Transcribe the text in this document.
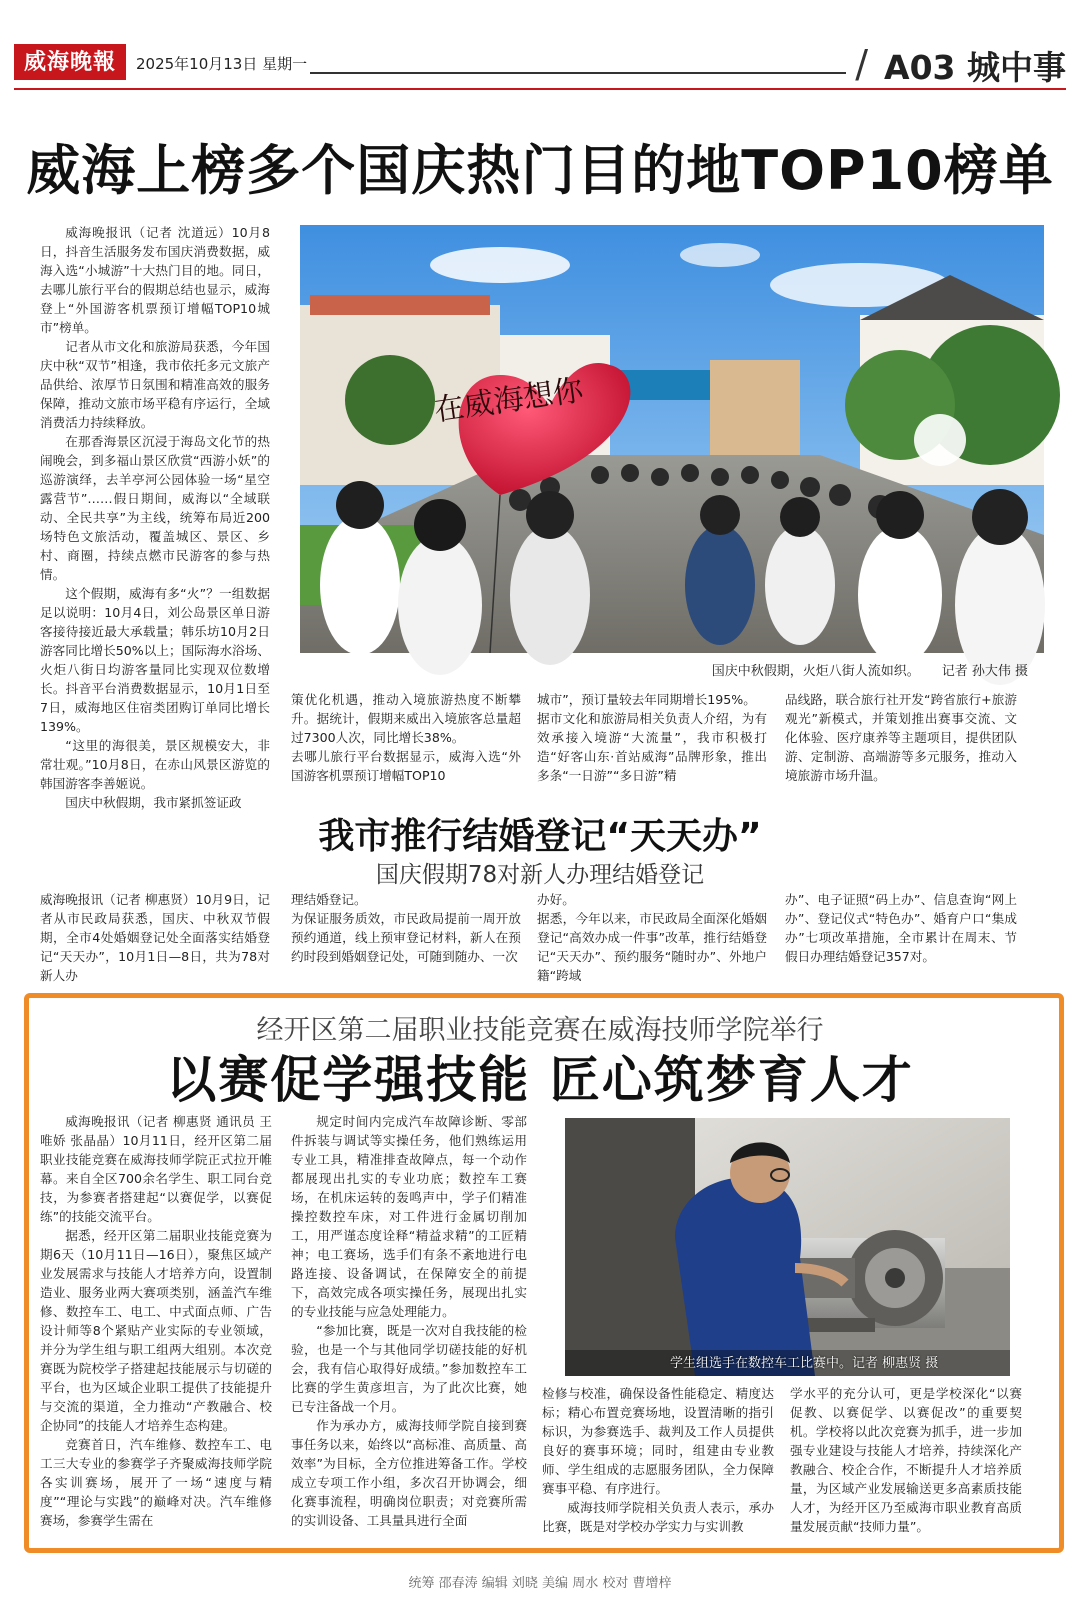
威海晚報	2025年10月13日 星期一	/ A03 城中事
威海上榜多个国庆热门目的地TOP10榜单

威海晚报讯（记者 沈道远）10月8日，抖音生活服务发布国庆消费数据，威海入选“小城游”十大热门目的地。同日，去哪儿旅行平台的假期总结也显示，威海登上“外国游客机票预订增幅TOP10城市”榜单。

记者从市文化和旅游局获悉，今年国庆中秋“双节”相逢，我市依托多元文旅产品供给、浓厚节日氛围和精准高效的服务保障，推动文旅市场平稳有序运行，全域消费活力持续释放。

在那香海景区沉浸于海岛文化节的热闹晚会，到多福山景区欣赏“西游小妖”的巡游演绎，去羊亭河公园体验一场“星空露营节”……假日期间，威海以“全域联动、全民共享”为主线，统筹布局近200场特色文旅活动，覆盖城区、景区、乡村、商圈，持续点燃市民游客的参与热情。

这个假期，威海有多“火”？一组数据足以说明：10月4日，刘公岛景区单日游客接待接近最大承载量；韩乐坊10月2日游客同比增长50%以上；国际海水浴场、火炬八街日均游客量同比实现双位数增长。抖音平台消费数据显示，10月1日至7日，威海地区住宿类团购订单同比增长139%。

“这里的海很美，景区规模安大，非常壮观。”10月8日，在赤山风景区游览的韩国游客李善姬说。

国庆中秋假期，我市紧抓签证政

在威海想你
国庆中秋假期，火炬八街人流如织。 记者 孙大伟 摄
策优化机遇，推动入境旅游热度不断攀升。据统计，假期来威出入境旅客总量超过7300人次，同比增长38%。
去哪儿旅行平台数据显示，威海入选“外国游客机票预订增幅TOP10
城市”，预订量较去年同期增长195%。
据市文化和旅游局相关负责人介绍，为有效承接入境游“大流量”，我市积极打造“好客山东·首站威海”品牌形象，推出多条“一日游”“多日游”精
品线路，联合旅行社开发“跨省旅行+旅游观光”新模式，并策划推出赛事交流、文化体验、医疗康养等主题项目，提供团队游、定制游、高端游等多元服务，推动入境旅游市场升温。
我市推行结婚登记“天天办”
国庆假期78对新人办理结婚登记
威海晚报讯（记者 柳惠贤）10月9日，记者从市民政局获悉，国庆、中秋双节假期，全市4处婚姻登记处全面落实结婚登记“天天办”，10月1日—8日，共为78对新人办
理结婚登记。
为保证服务质效，市民政局提前一周开放预约通道，线上预审登记材料，新人在预约时段到婚姻登记处，可随到随办、一次
办好。
据悉，今年以来，市民政局全面深化婚姻登记“高效办成一件事”改革，推行结婚登记“天天办”、预约服务“随时办”、外地户籍“跨域
办”、电子证照“码上办”、信息查询“网上办”、登记仪式“特色办”、婚育户口“集成办”七项改革措施，全市累计在周末、节假日办理结婚登记357对。
经开区第二届职业技能竞赛在威海技师学院举行
以赛促学强技能 匠心筑梦育人才

威海晚报讯（记者 柳惠贤 通讯员 王唯娇 张晶晶）10月11日，经开区第二届职业技能竞赛在威海技师学院正式拉开帷幕。来自全区700余名学生、职工同台竞技，为参赛者搭建起“以赛促学，以赛促练”的技能交流平台。

据悉，经开区第二届职业技能竞赛为期6天（10月11日—16日），聚焦区域产业发展需求与技能人才培养方向，设置制造业、服务业两大赛项类别，涵盖汽车维修、数控车工、电工、中式面点师、广告设计师等8个紧贴产业实际的专业领域，并分为学生组与职工组两大组别。本次竞赛既为院校学子搭建起技能展示与切磋的平台，也为区域企业职工提供了技能提升与交流的渠道，全力推动“产教融合、校企协同”的技能人才培养生态构建。

竞赛首日，汽车维修、数控车工、电工三大专业的参赛学子齐聚威海技师学院各实训赛场，展开了一场“速度与精度”“理论与实践”的巅峰对决。汽车维修赛场，参赛学生需在

规定时间内完成汽车故障诊断、零部件拆装与调试等实操任务，他们熟练运用专业工具，精准排查故障点，每一个动作都展现出扎实的专业功底；数控车工赛场，在机床运转的轰鸣声中，学子们精准操控数控车床，对工件进行金属切削加工，用严谨态度诠释“精益求精”的工匠精神；电工赛场，选手们有条不紊地进行电路连接、设备调试，在保障安全的前提下，高效完成各项实操任务，展现出扎实的专业技能与应急处理能力。

“参加比赛，既是一次对自我技能的检验，也是一个与其他同学切磋技能的好机会，我有信心取得好成绩。”参加数控车工比赛的学生黄彦坦言，为了此次比赛，她已专注备战一个月。

作为承办方，威海技师学院自接到赛事任务以来，始终以“高标准、高质量、高效率”为目标，全方位推进筹备工作。学校成立专项工作小组，多次召开协调会，细化赛事流程，明确岗位职责；对竞赛所需的实训设备、工具量具进行全面

学生组选手在数控车工比赛中。记者 柳惠贤 摄

检修与校准，确保设备性能稳定、精度达标；精心布置竞赛场地，设置清晰的指引标识，为参赛选手、裁判及工作人员提供良好的赛事环境；同时，组建由专业教师、学生组成的志愿服务团队，全力保障赛事平稳、有序进行。

威海技师学院相关负责人表示，承办比赛，既是对学校办学实力与实训教

学水平的充分认可，更是学校深化“以赛促教、以赛促学、以赛促改”的重要契机。学校将以此次竞赛为抓手，进一步加强专业建设与技能人才培养，持续深化产教融合、校企合作，不断提升人才培养质量，为区域产业发展输送更多高素质技能人才，为经开区乃至威海市职业教育高质量发展贡献“技师力量”。
统筹 邵春涛 编辑 刘晓 美编 周水 校对 曹增梓
